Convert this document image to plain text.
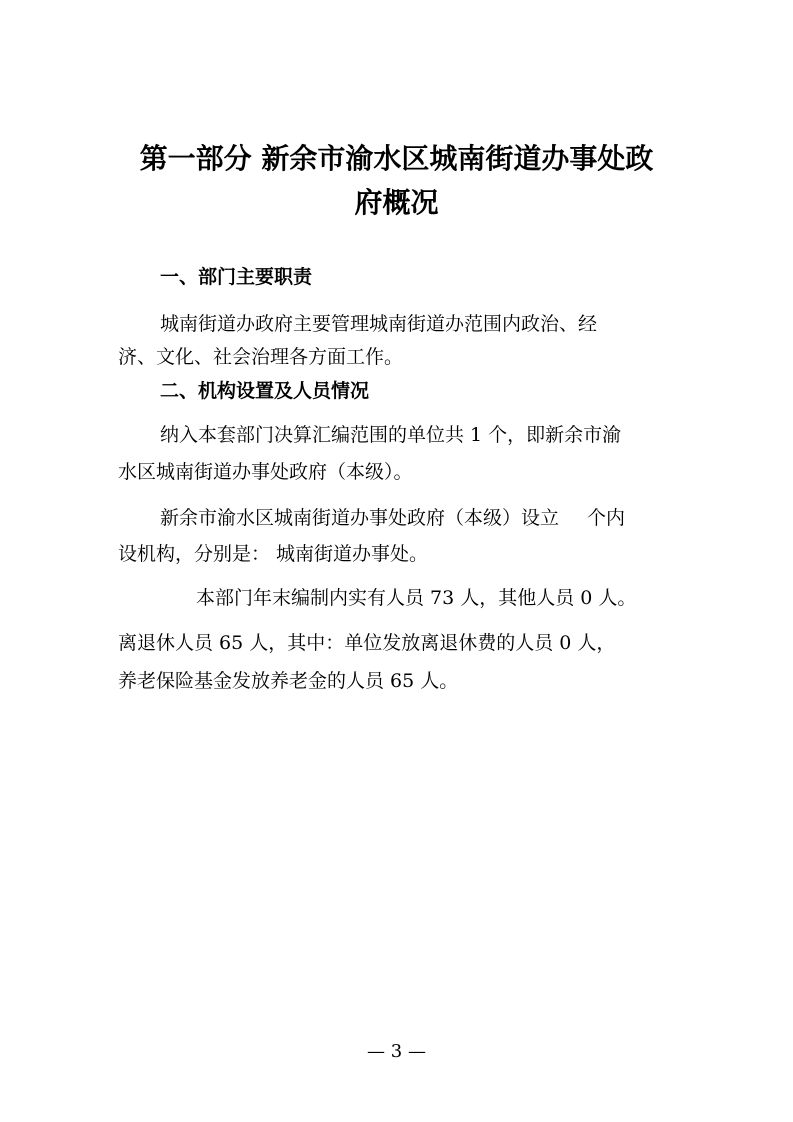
第一部分 新余市渝水区城南街道办事处政
府概况
一、部门主要职责
城南街道办政府主要管理城南街道办范围内政治、经
济、文化、社会治理各方面工作。
二、机构设置及人员情况
纳入本套部门决算汇编范围的单位共 1 个，即新余市渝
水区城南街道办事处政府（本级）。
新余市渝水区城南街道办事处政府（本级）设立 个内
设机构，分别是： 城南街道办事处。
本部门年末编制内实有人员 73 人，其他人员 0 人。
离退休人员 65 人，其中：单位发放离退休费的人员 0 人，
养老保险基金发放养老金的人员 65 人。
— 3 —
